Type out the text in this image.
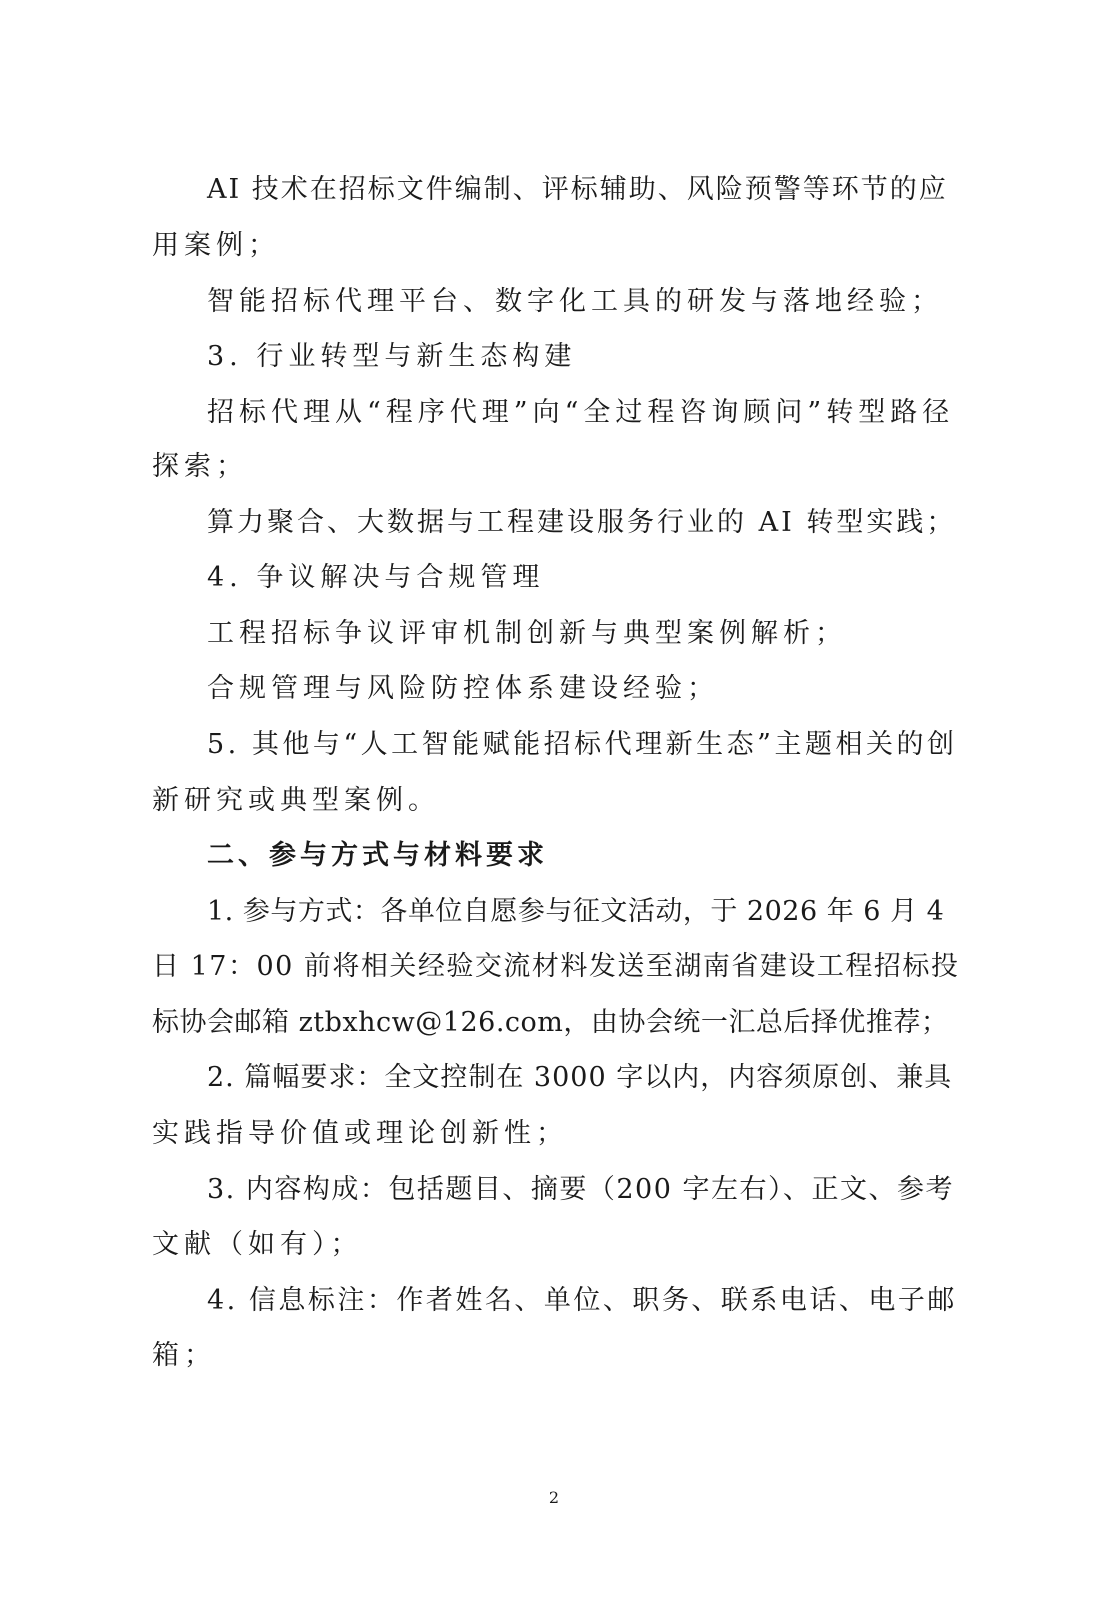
AI 技术在招标文件编制、评标辅助、风险预警等环节的应
用案例；
智能招标代理平台、数字化工具的研发与落地经验；
3. 行业转型与新生态构建
招标代理从“程序代理”向“全过程咨询顾问”转型路径
探索；
算力聚合、大数据与工程建设服务行业的 AI 转型实践；
4. 争议解决与合规管理
工程招标争议评审机制创新与典型案例解析；
合规管理与风险防控体系建设经验；
5. 其他与“人工智能赋能招标代理新生态”主题相关的创
新研究或典型案例。
二、参与方式与材料要求
1. 参与方式：各单位自愿参与征文活动，于 2026 年 6 月 4
日 17：00 前将相关经验交流材料发送至湖南省建设工程招标投
标协会邮箱 ztbxhcw@126.com，由协会统一汇总后择优推荐；
2. 篇幅要求：全文控制在 3000 字以内，内容须原创、兼具
实践指导价值或理论创新性；
3. 内容构成：包括题目、摘要（200 字左右）、正文、参考
文献（如有）；
4. 信息标注：作者姓名、单位、职务、联系电话、电子邮
箱；
2
